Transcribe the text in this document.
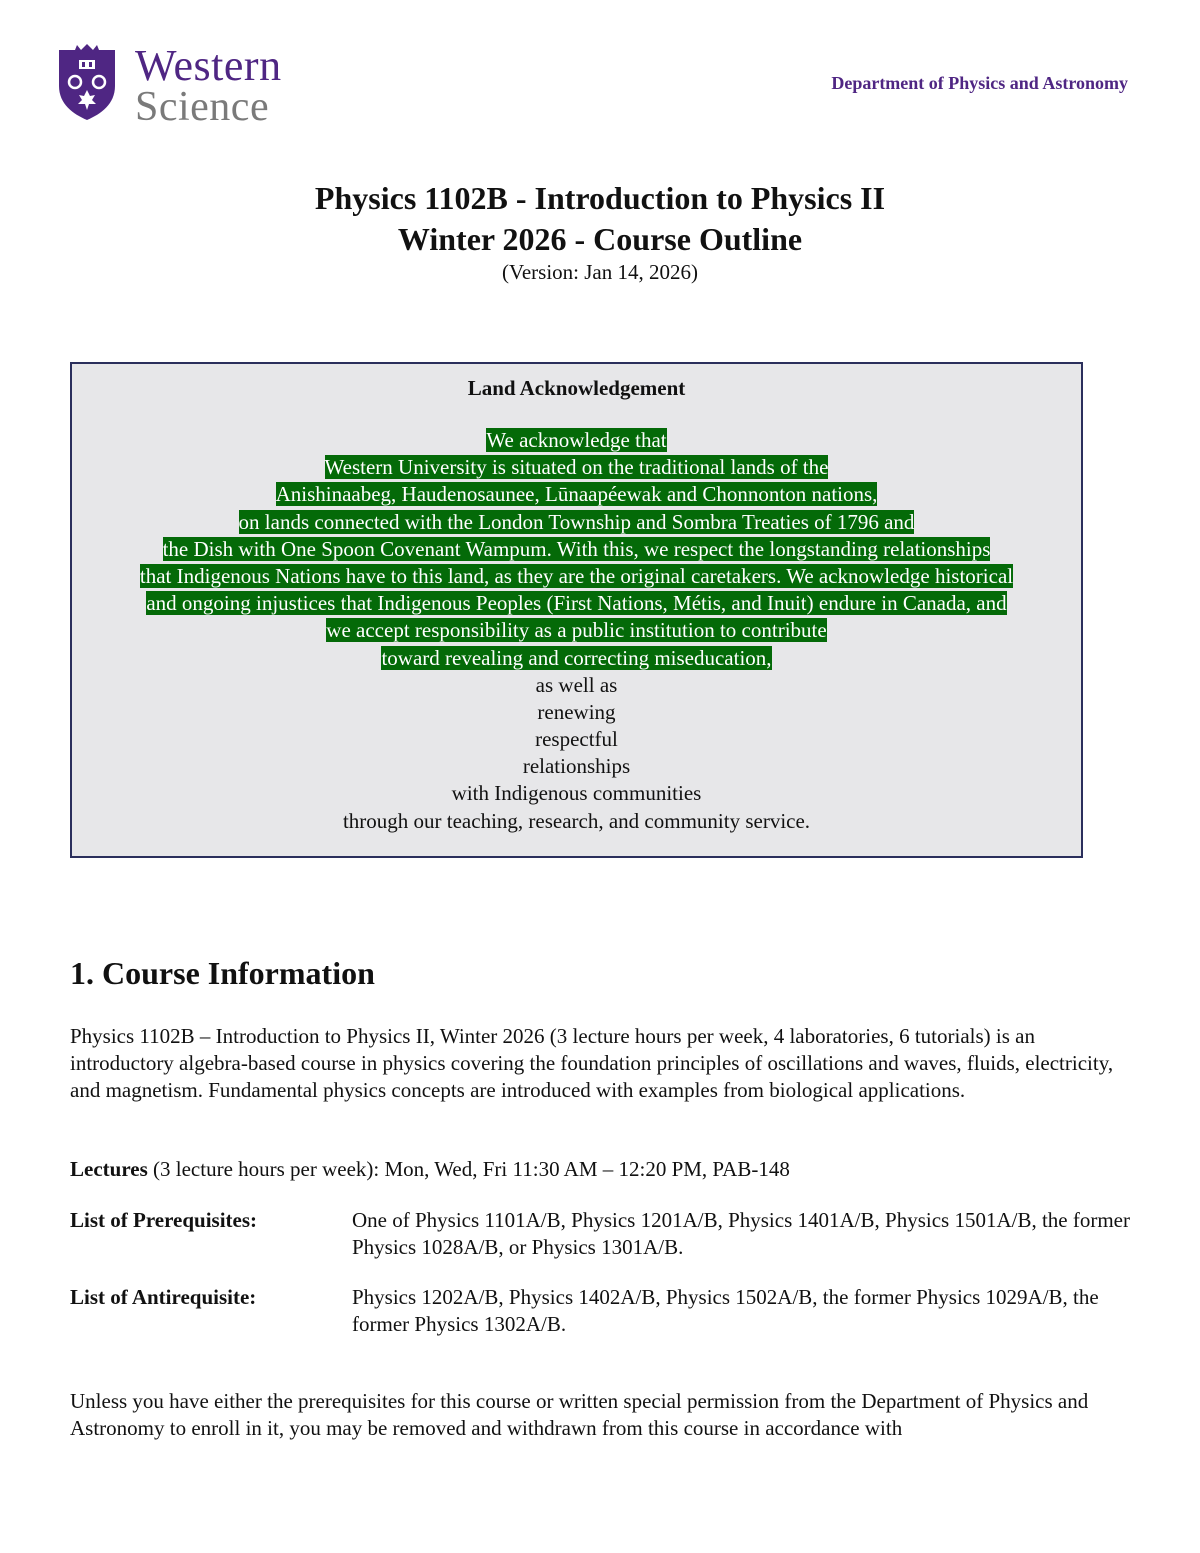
Western
Science
Department of Physics and Astronomy
Physics 1102B - Introduction to Physics II
Winter 2026 - Course Outline
(Version: Jan 14, 2026)
Land Acknowledgement
We acknowledge that
Western University is situated on the traditional lands of the
Anishinaabeg, Haudenosaunee, Lūnaapéewak and Chonnonton nations,
on lands connected with the London Township and Sombra Treaties of 1796 and
the Dish with One Spoon Covenant Wampum. With this, we respect the longstanding relationships
that Indigenous Nations have to this land, as they are the original caretakers. We acknowledge historical
and ongoing injustices that Indigenous Peoples (First Nations, Métis, and Inuit) endure in Canada, and
we accept responsibility as a public institution to contribute
toward revealing and correcting miseducation,
as well as
renewing
respectful
relationships
with Indigenous communities
through our teaching, research, and community service.
1. Course Information
Physics 1102B – Introduction to Physics II, Winter 2026 (3 lecture hours per week, 4 laboratories, 6 tutorials) is an introductory algebra-based course in physics covering the foundation principles of oscillations and waves, fluids, electricity, and magnetism. Fundamental physics concepts are introduced with examples from biological applications.
Lectures (3 lecture hours per week): Mon, Wed, Fri 11:30 AM – 12:20 PM, PAB-148
List of Prerequisites:	One of Physics 1101A/B, Physics 1201A/B, Physics 1401A/B, Physics 1501A/B, the former Physics 1028A/B, or Physics 1301A/B.
List of Antirequisite:	Physics 1202A/B, Physics 1402A/B, Physics 1502A/B, the former Physics 1029A/B, the former Physics 1302A/B.
Unless you have either the prerequisites for this course or written special permission from the Department of Physics and Astronomy to enroll in it, you may be removed and withdrawn from this course in accordance with
